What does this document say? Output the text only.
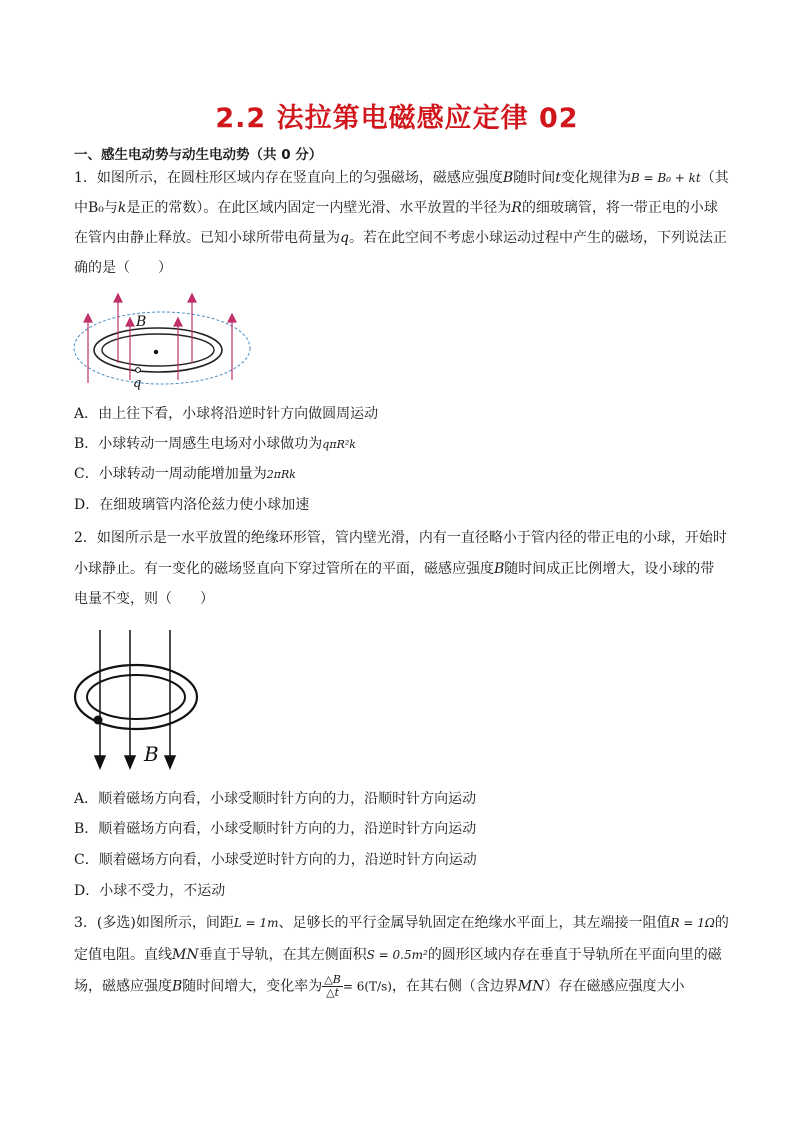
2.2 法拉第电磁感应定律 02
一、感生电动势与动生电动势（共 0 分）
1．如图所示，在圆柱形区域内存在竖直向上的匀强磁场，磁感应强度B随时间t变化规律为B = B₀ + kt（其
中B₀与k是正的常数）。在此区域内固定一内壁光滑、水平放置的半径为R的细玻璃管，将一带正电的小球
在管内由静止释放。已知小球所带电荷量为q。若在此空间不考虑小球运动过程中产生的磁场，下列说法正
确的是（　　）
B
q
A．由上往下看，小球将沿逆时针方向做圆周运动
B．小球转动一周感生电场对小球做功为qπR²k
C．小球转动一周动能增加量为2πRk
D．在细玻璃管内洛伦兹力使小球加速
2．如图所示是一水平放置的绝缘环形管，管内壁光滑，内有一直径略小于管内径的带正电的小球，开始时
小球静止。有一变化的磁场竖直向下穿过管所在的平面，磁感应强度B随时间成正比例增大，设小球的带
电量不变，则（　　）
B
A．顺着磁场方向看，小球受顺时针方向的力，沿顺时针方向运动
B．顺着磁场方向看，小球受顺时针方向的力，沿逆时针方向运动
C．顺着磁场方向看，小球受逆时针方向的力，沿逆时针方向运动
D．小球不受力，不运动
3．(多选)如图所示，间距L = 1m、足够长的平行金属导轨固定在绝缘水平面上，其左端接一阻值R = 1Ω的
定值电阻。直线MN垂直于导轨，在其左侧面积S = 0.5m²的圆形区域内存在垂直于导轨所在平面向里的磁
场，磁感应强度B随时间增大，变化率为 $\frac{\triangle B}{\triangle t} = 6(T/s)$，在其右侧（含边界MN）存在磁感应强度大小
